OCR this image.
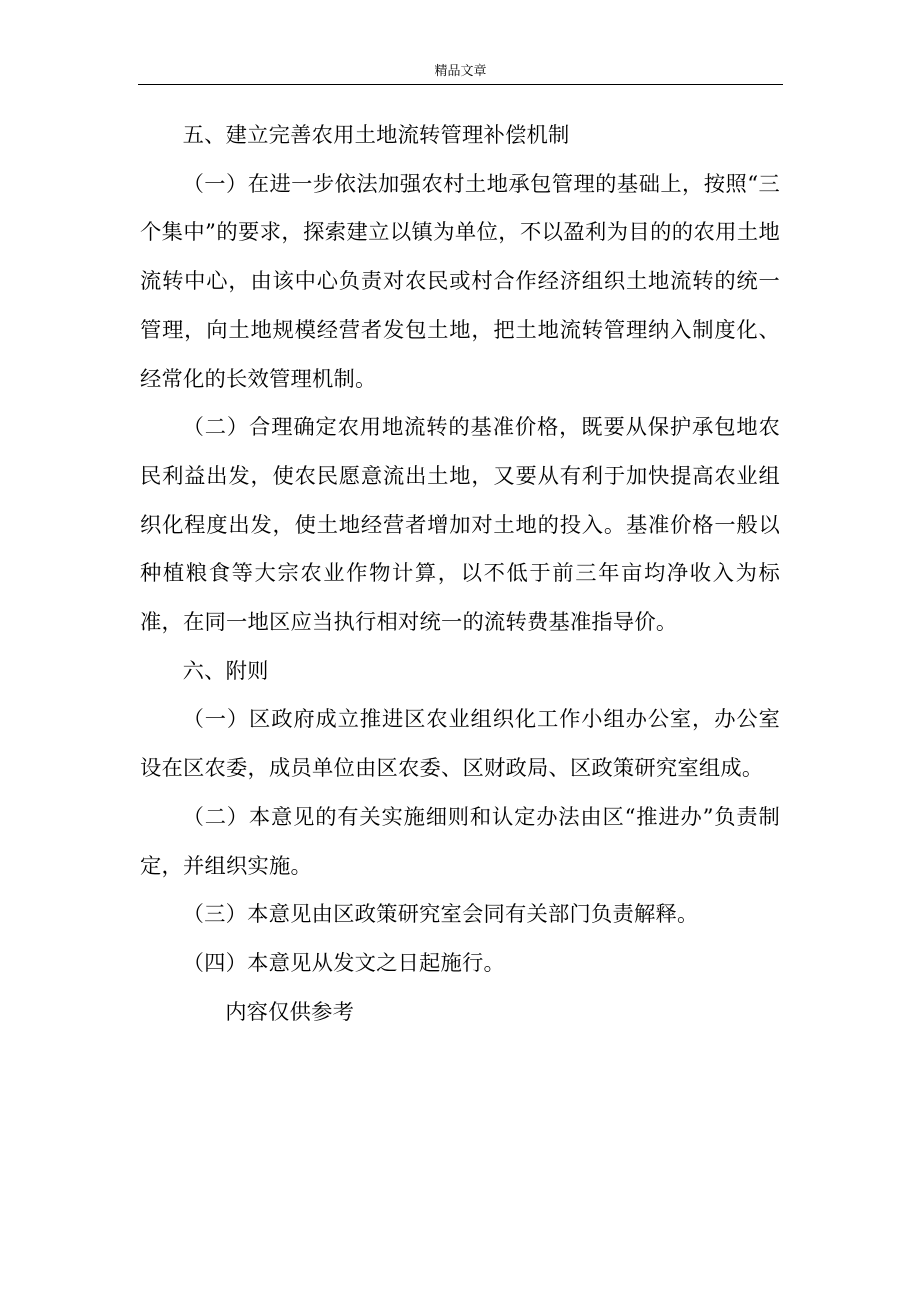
精品文章

五、建立完善农用土地流转管理补偿机制

（一）在进一步依法加强农村土地承包管理的基础上，按照“三个集中”的要求，探索建立以镇为单位，不以盈利为目的的农用土地流转中心，由该中心负责对农民或村合作经济组织土地流转的统一管理，向土地规模经营者发包土地，把土地流转管理纳入制度化、经常化的长效管理机制。

（二）合理确定农用地流转的基准价格，既要从保护承包地农民利益出发，使农民愿意流出土地，又要从有利于加快提高农业组织化程度出发，使土地经营者增加对土地的投入。基准价格一般以种植粮食等大宗农业作物计算，以不低于前三年亩均净收入为标准，在同一地区应当执行相对统一的流转费基准指导价。

六、附则

（一）区政府成立推进区农业组织化工作小组办公室，办公室设在区农委，成员单位由区农委、区财政局、区政策研究室组成。

（二）本意见的有关实施细则和认定办法由区“推进办”负责制定，并组织实施。

（三）本意见由区政策研究室会同有关部门负责解释。

（四）本意见从发文之日起施行。

内容仅供参考
